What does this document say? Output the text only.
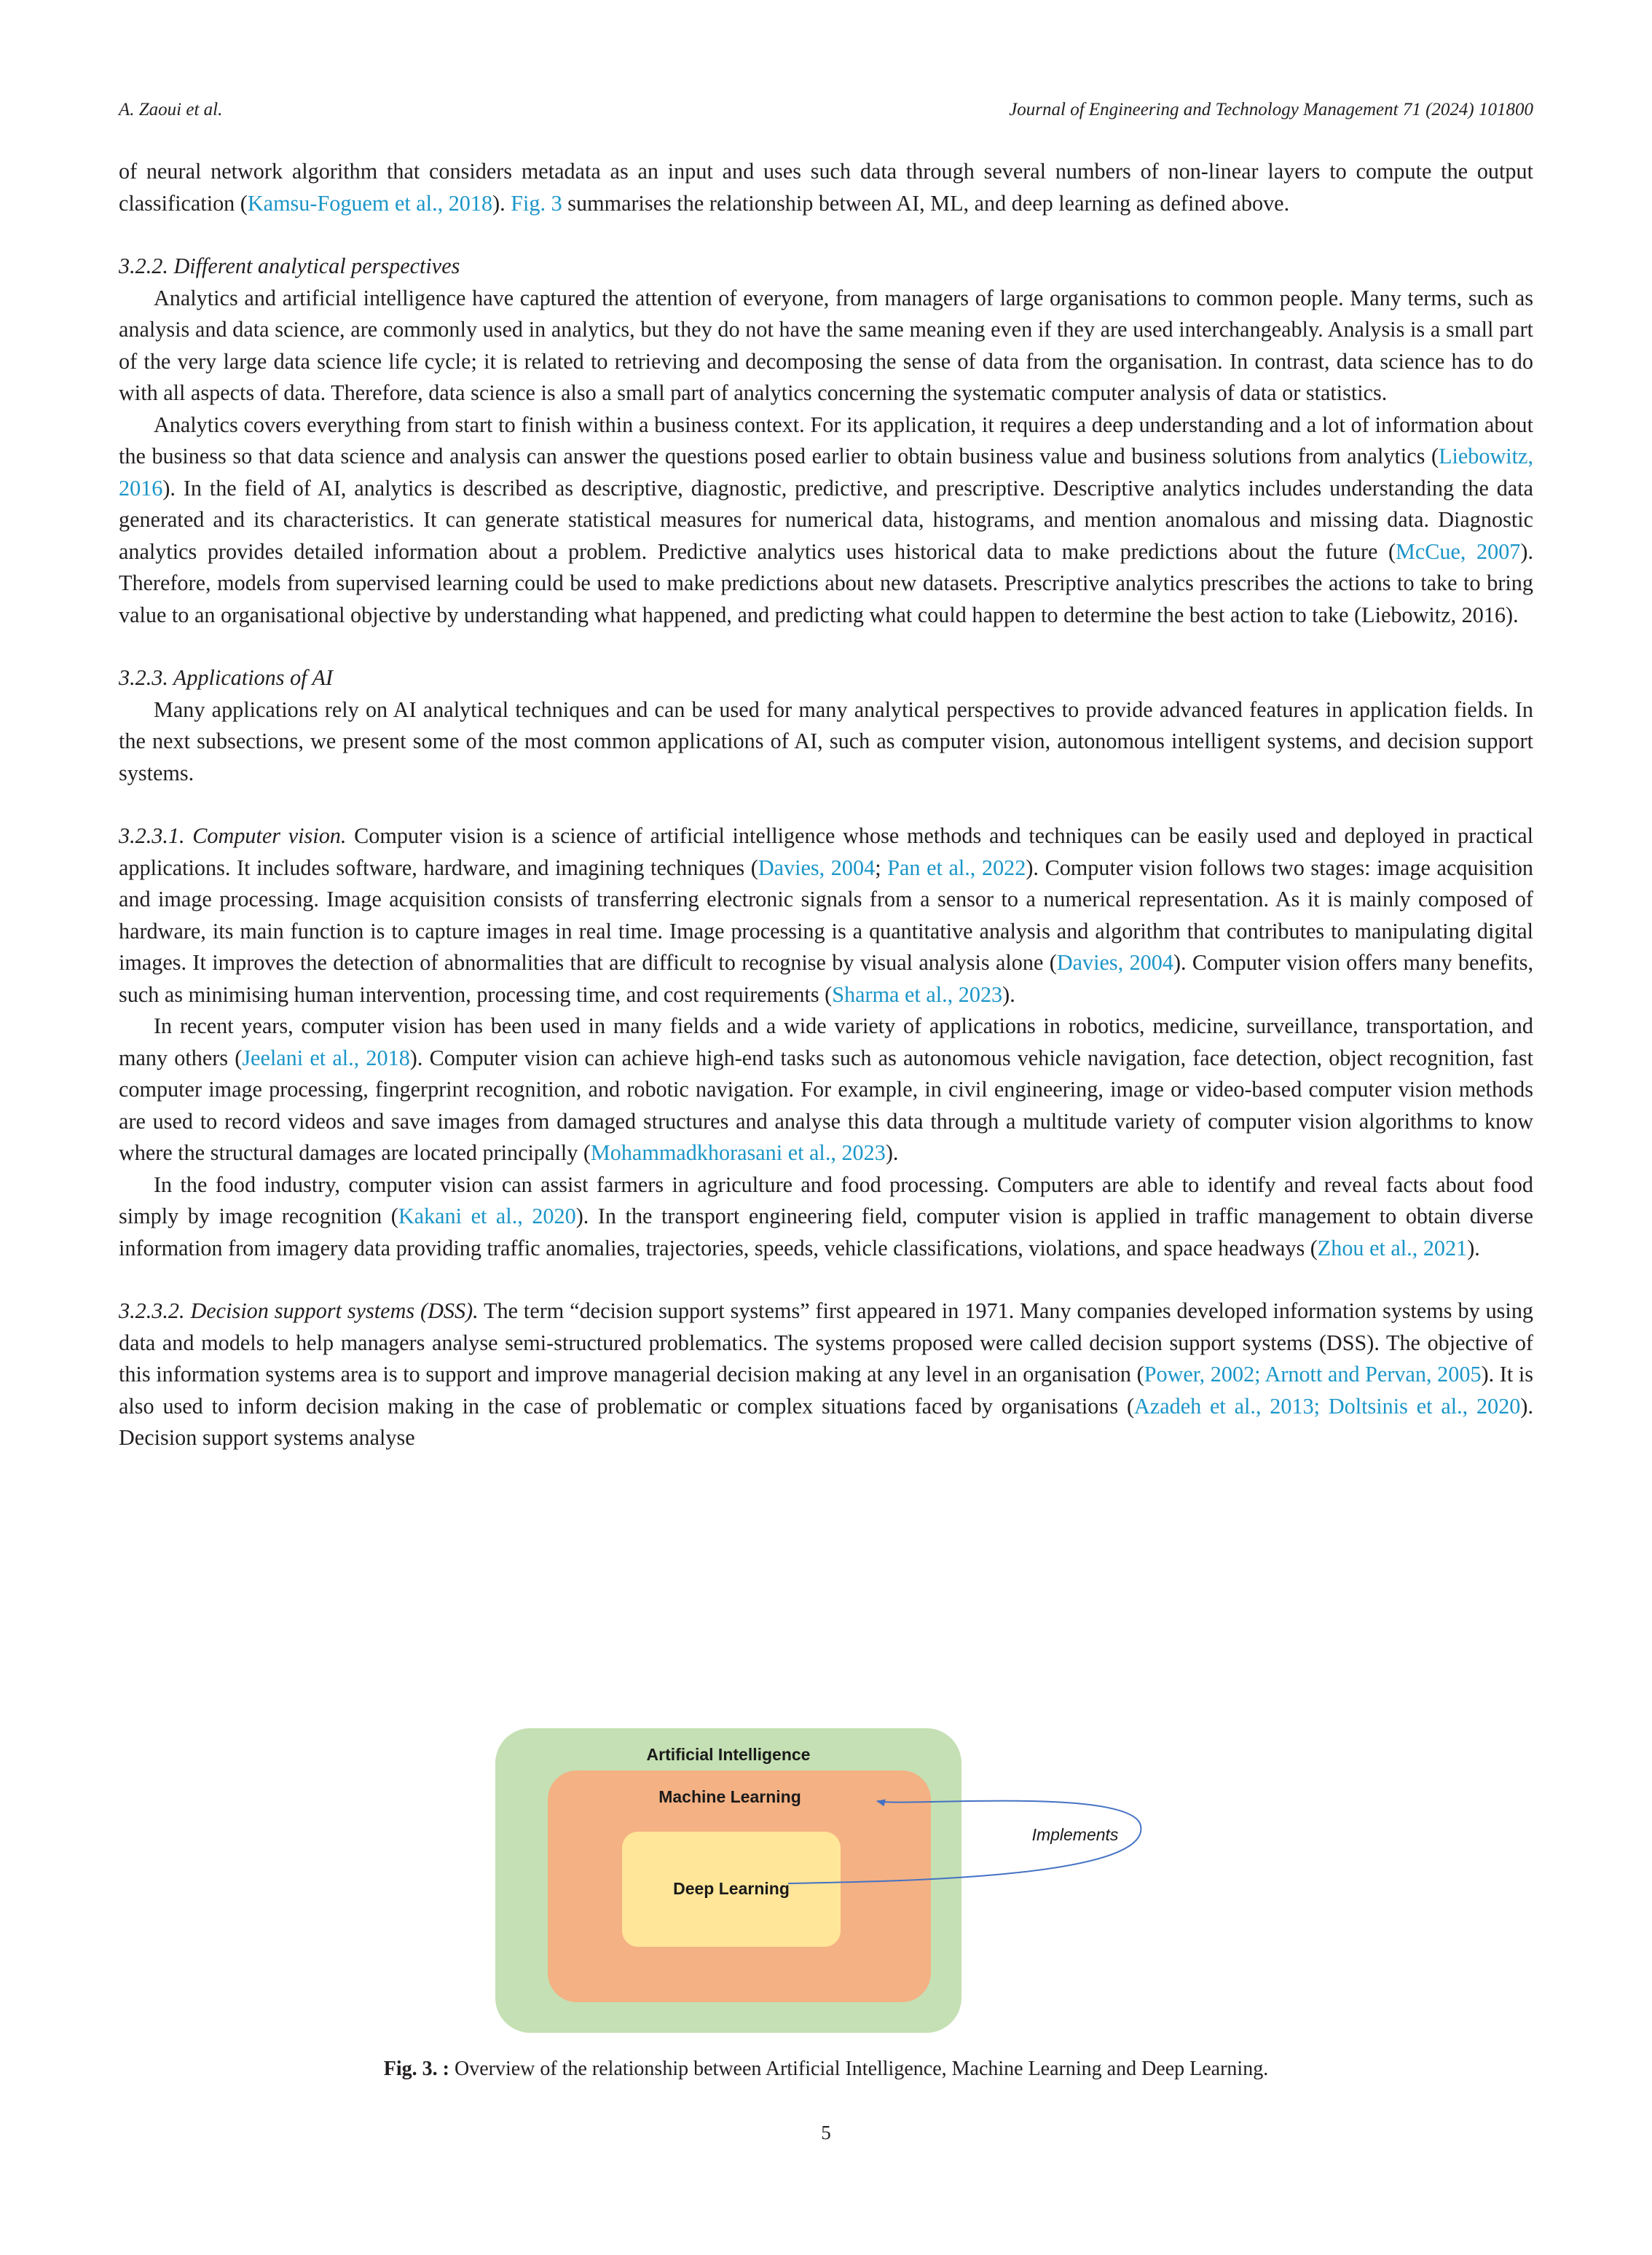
A. Zaoui et al.	Journal of Engineering and Technology Management 71 (2024) 101800

of neural network algorithm that considers metadata as an input and uses such data through several numbers of non-linear layers to compute the output classification (Kamsu-Foguem et al., 2018). Fig. 3 summarises the relationship between AI, ML, and deep learning as defined above.

3.2.2. Different analytical perspectives

Analytics and artificial intelligence have captured the attention of everyone, from managers of large organisations to common people. Many terms, such as analysis and data science, are commonly used in analytics, but they do not have the same meaning even if they are used interchangeably. Analysis is a small part of the very large data science life cycle; it is related to retrieving and decomposing the sense of data from the organisation. In contrast, data science has to do with all aspects of data. Therefore, data science is also a small part of analytics concerning the systematic computer analysis of data or statistics.

Analytics covers everything from start to finish within a business context. For its application, it requires a deep understanding and a lot of information about the business so that data science and analysis can answer the questions posed earlier to obtain business value and business solutions from analytics (Liebowitz, 2016). In the field of AI, analytics is described as descriptive, diagnostic, predictive, and prescriptive. Descriptive analytics includes understanding the data generated and its characteristics. It can generate statistical measures for numerical data, histograms, and mention anomalous and missing data. Diagnostic analytics provides detailed information about a problem. Predictive analytics uses historical data to make predictions about the future (McCue, 2007). Therefore, models from supervised learning could be used to make predictions about new datasets. Prescriptive analytics prescribes the actions to take to bring value to an organisational objective by understanding what happened, and predicting what could happen to determine the best action to take (Liebowitz, 2016).

3.2.3. Applications of AI

Many applications rely on AI analytical techniques and can be used for many analytical perspectives to provide advanced features in application fields. In the next subsections, we present some of the most common applications of AI, such as computer vision, autonomous intelligent systems, and decision support systems.

3.2.3.1. Computer vision. Computer vision is a science of artificial intelligence whose methods and techniques can be easily used and deployed in practical applications. It includes software, hardware, and imagining techniques (Davies, 2004; Pan et al., 2022). Computer vision follows two stages: image acquisition and image processing. Image acquisition consists of transferring electronic signals from a sensor to a numerical representation. As it is mainly composed of hardware, its main function is to capture images in real time. Image processing is a quantitative analysis and algorithm that contributes to manipulating digital images. It improves the detection of abnormalities that are difficult to recognise by visual analysis alone (Davies, 2004). Computer vision offers many benefits, such as minimising human intervention, processing time, and cost requirements (Sharma et al., 2023).

In recent years, computer vision has been used in many fields and a wide variety of applications in robotics, medicine, surveillance, transportation, and many others (Jeelani et al., 2018). Computer vision can achieve high-end tasks such as autonomous vehicle navigation, face detection, object recognition, fast computer image processing, fingerprint recognition, and robotic navigation. For example, in civil engineering, image or video-based computer vision methods are used to record videos and save images from damaged structures and analyse this data through a multitude variety of computer vision algorithms to know where the structural damages are located principally (Mohammadkhorasani et al., 2023).

In the food industry, computer vision can assist farmers in agriculture and food processing. Computers are able to identify and reveal facts about food simply by image recognition (Kakani et al., 2020). In the transport engineering field, computer vision is applied in traffic management to obtain diverse information from imagery data providing traffic anomalies, trajectories, speeds, vehicle classifications, violations, and space headways (Zhou et al., 2021).

3.2.3.2. Decision support systems (DSS). The term “decision support systems” first appeared in 1971. Many companies developed information systems by using data and models to help managers analyse semi-structured problematics. The systems proposed were called decision support systems (DSS). The objective of this information systems area is to support and improve managerial decision making at any level in an organisation (Power, 2002; Arnott and Pervan, 2005). It is also used to inform decision making in the case of problematic or complex situations faced by organisations (Azadeh et al., 2013; Doltsinis et al., 2020). Decision support systems analyse

Artificial Intelligence
Machine Learning
Deep Learning
Implements
Fig. 3. : Overview of the relationship between Artificial Intelligence, Machine Learning and Deep Learning.
5
